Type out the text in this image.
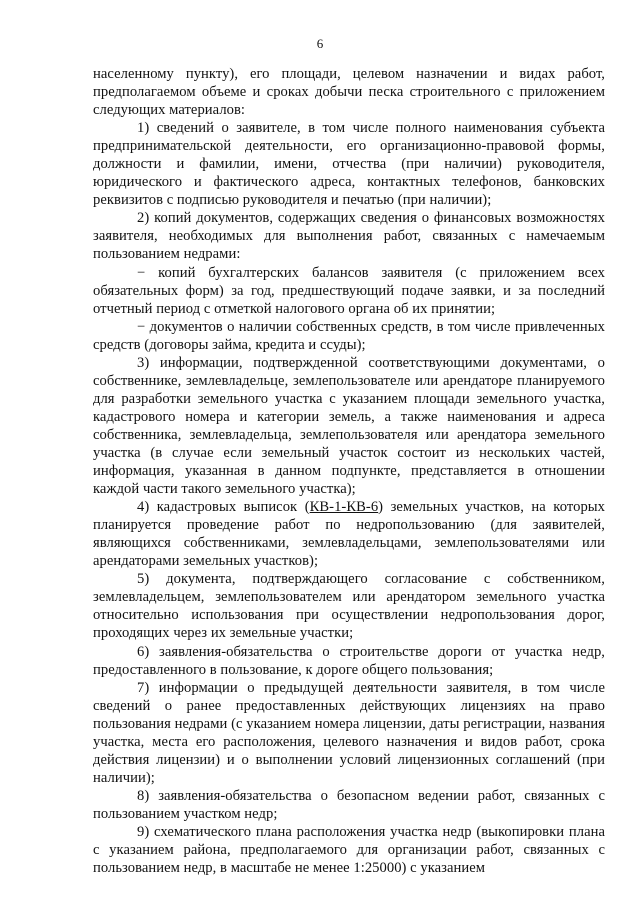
6

населенному пункту), его площади, целевом назначении и видах работ, предполагаемом объеме и сроках добычи песка строительного с приложением следующих материалов:

1) сведений о заявителе, в том числе полного наименования субъекта предпринимательской деятельности, его организационно-правовой формы, должности и фамилии, имени, отчества (при наличии) руководителя, юридического и фактического адреса, контактных телефонов, банковских реквизитов с подписью руководителя и печатью (при наличии);

2) копий документов, содержащих сведения о финансовых возможностях заявителя, необходимых для выполнения работ, связанных с намечаемым пользованием недрами:

− копий бухгалтерских балансов заявителя (с приложением всех обязательных форм) за год, предшествующий подаче заявки, и за последний отчетный период с отметкой налогового органа об их принятии;

− документов о наличии собственных средств, в том числе привлеченных средств (договоры займа, кредита и ссуды);

3) информации, подтвержденной соответствующими документами, о собственнике, землевладельце, землепользователе или арендаторе планируемого для разработки земельного участка с указанием площади земельного участка, кадастрового номера и категории земель, а также наименования и адреса собственника, землевладельца, землепользователя или арендатора земельного участка (в случае если земельный участок состоит из нескольких частей, информация, указанная в данном подпункте, представляется в отношении каждой части такого земельного участка);

4) кадастровых выписок (КВ-1-КВ-6) земельных участков, на которых планируется проведение работ по недропользованию (для заявителей, являющихся собственниками, землевладельцами, землепользователями или арендаторами земельных участков);

5) документа, подтверждающего согласование с собственником, землевладельцем, землепользователем или арендатором земельного участка относительно использования при осуществлении недропользования дорог, проходящих через их земельные участки;

6) заявления-обязательства о строительстве дороги от участка недр, предоставленного в пользование, к дороге общего пользования;

7) информации о предыдущей деятельности заявителя, в том числе сведений о ранее предоставленных действующих лицензиях на право пользования недрами (с указанием номера лицензии, даты регистрации, названия участка, места его расположения, целевого назначения и видов работ, срока действия лицензии) и о выполнении условий лицензионных соглашений (при наличии);

8) заявления-обязательства о безопасном ведении работ, связанных с пользованием участком недр;

9) схематического плана расположения участка недр (выкопировки плана с указанием района, предполагаемого для организации работ, связанных с пользованием недр, в масштабе не менее 1:25000) с указанием
